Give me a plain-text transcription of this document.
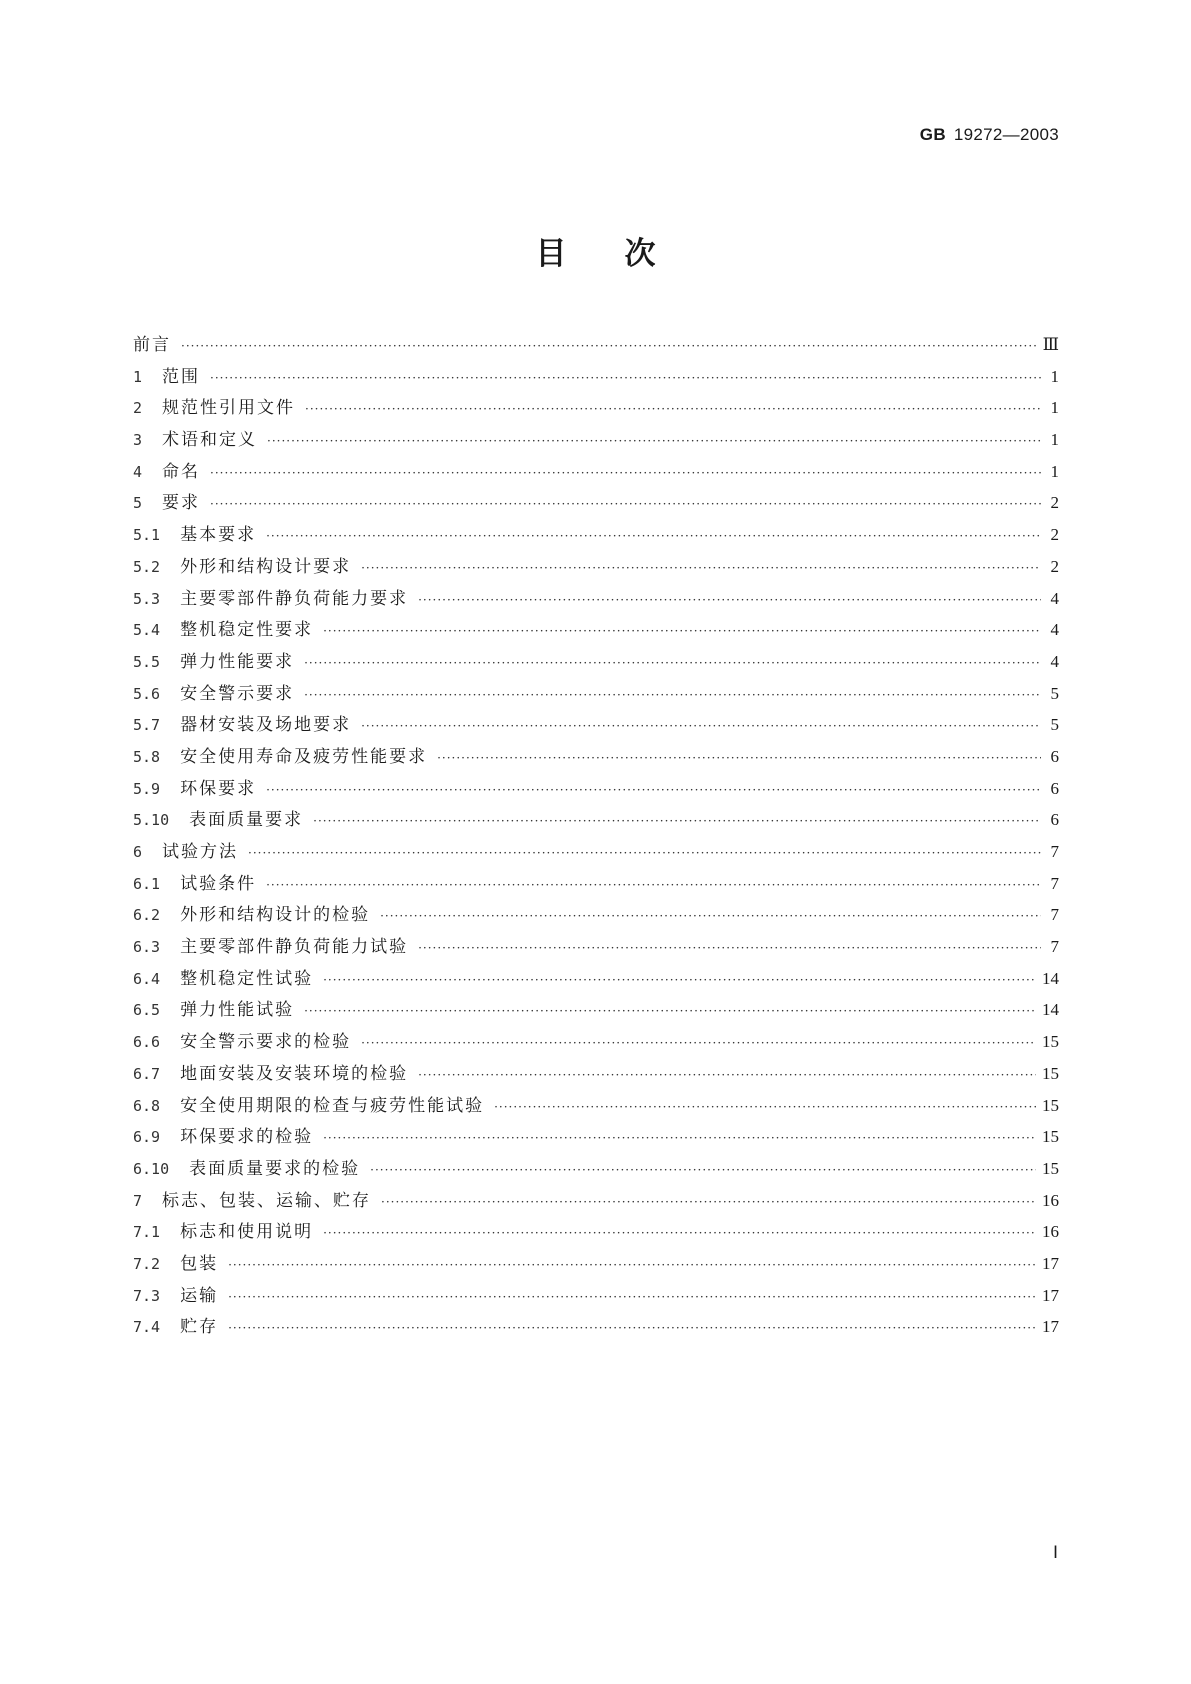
GB 19272—2003
目次
前言 ·····	Ⅲ
1 范围 ·····	1
2 规范性引用文件 ·····	1
3 术语和定义 ·····	1
4 命名 ·····	1
5 要求 ·····	2
5.1 基本要求 ·····	2
5.2 外形和结构设计要求 ·····	2
5.3 主要零部件静负荷能力要求 ·····	4
5.4 整机稳定性要求 ·····	4
5.5 弹力性能要求 ·····	4
5.6 安全警示要求 ·····	5
5.7 器材安装及场地要求 ·····	5
5.8 安全使用寿命及疲劳性能要求 ·····	6
5.9 环保要求 ·····	6
5.10 表面质量要求 ·····	6
6 试验方法 ·····	7
6.1 试验条件 ·····	7
6.2 外形和结构设计的检验 ·····	7
6.3 主要零部件静负荷能力试验 ·····	7
6.4 整机稳定性试验 ·····	14
6.5 弹力性能试验 ·····	14
6.6 安全警示要求的检验 ·····	15
6.7 地面安装及安装环境的检验 ·····	15
6.8 安全使用期限的检查与疲劳性能试验 ·····	15
6.9 环保要求的检验 ·····	15
6.10 表面质量要求的检验 ·····	15
7 标志、包装、运输、贮存 ·····	16
7.1 标志和使用说明 ·····	16
7.2 包装 ·····	17
7.3 运输 ·····	17
7.4 贮存 ·····	17
Ⅰ
